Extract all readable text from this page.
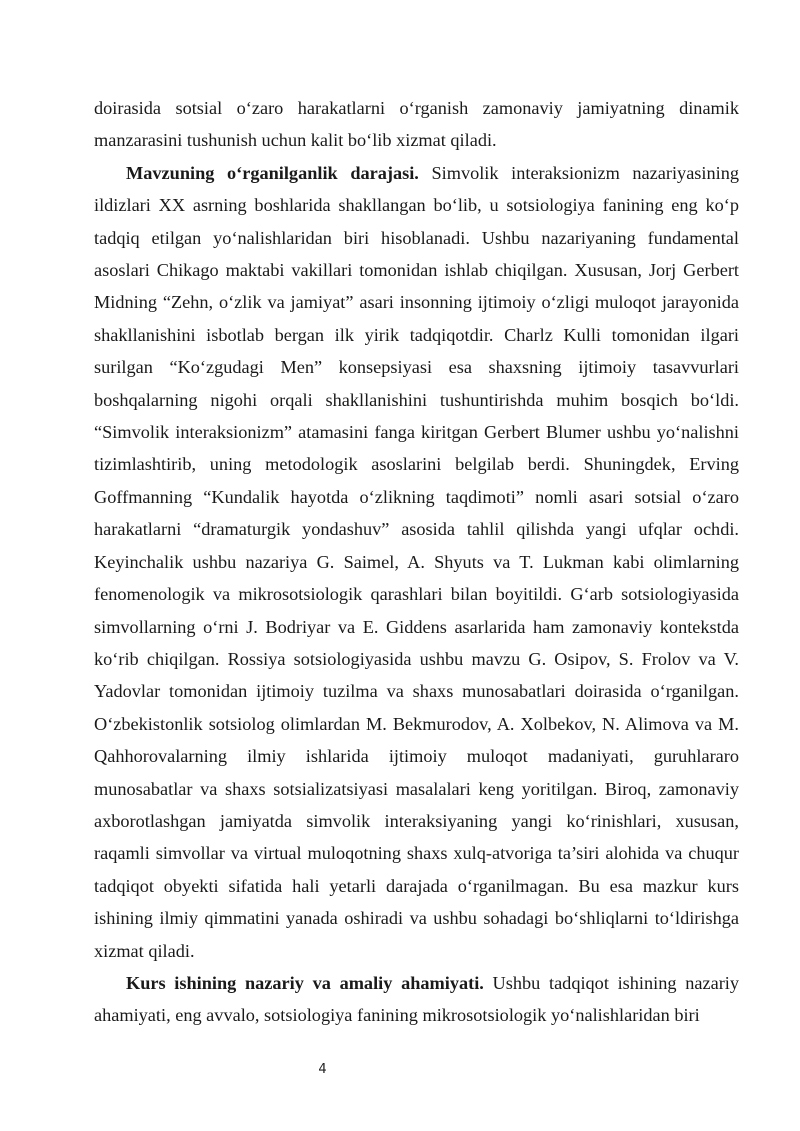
doirasida sotsial o‘zaro harakatlarni o‘rganish zamonaviy jamiyatning dinamik manzarasini tushunish uchun kalit bo‘lib xizmat qiladi.

Mavzuning o‘rganilganlik darajasi. Simvolik interaksionizm nazariyasining ildizlari XX asrning boshlarida shakllangan bo‘lib, u sotsiologiya fanining eng ko‘p tadqiq etilgan yo‘nalishlaridan biri hisoblanadi. Ushbu nazariyaning fundamental asoslari Chikago maktabi vakillari tomonidan ishlab chiqilgan. Xususan, Jorj Gerbert Midning “Zehn, o‘zlik va jamiyat” asari insonning ijtimoiy o‘zligi muloqot jarayonida shakllanishini isbotlab bergan ilk yirik tadqiqotdir. Charlz Kulli tomonidan ilgari surilgan “Ko‘zgudagi Men” konsepsiyasi esa shaxsning ijtimoiy tasavvurlari boshqalarning nigohi orqali shakllanishini tushuntirishda muhim bosqich bo‘ldi. “Simvolik interaksionizm” atamasini fanga kiritgan Gerbert Blumer ushbu yo‘nalishni tizimlashtirib, uning metodologik asoslarini belgilab berdi. Shuningdek, Erving Goffmanning “Kundalik hayotda o‘zlikning taqdimoti” nomli asari sotsial o‘zaro harakatlarni “dramaturgik yondashuv” asosida tahlil qilishda yangi ufqlar ochdi. Keyinchalik ushbu nazariya G. Saimel, A. Shyuts va T. Lukman kabi olimlarning fenomenologik va mikrosotsiologik qarashlari bilan boyitildi. G‘arb sotsiologiyasida simvollarning o‘rni J. Bodriyar va E. Giddens asarlarida ham zamonaviy kontekstda ko‘rib chiqilgan. Rossiya sotsiologiyasida ushbu mavzu G. Osipov, S. Frolov va V. Yadovlar tomonidan ijtimoiy tuzilma va shaxs munosabatlari doirasida o‘rganilgan. O‘zbekistonlik sotsiolog olimlardan M. Bekmurodov, A. Xolbekov, N. Alimova va M. Qahhorovalarning ilmiy ishlarida ijtimoiy muloqot madaniyati, guruhlararo munosabatlar va shaxs sotsializatsiyasi masalalari keng yoritilgan. Biroq, zamonaviy axborotlashgan jamiyatda simvolik interaksiyaning yangi ko‘rinishlari, xususan, raqamli simvollar va virtual muloqotning shaxs xulq-atvoriga ta’siri alohida va chuqur tadqiqot obyekti sifatida hali yetarli darajada o‘rganilmagan. Bu esa mazkur kurs ishining ilmiy qimmatini yanada oshiradi va ushbu sohadagi bo‘shliqlarni to‘ldirishga xizmat qiladi.

Kurs ishining nazariy va amaliy ahamiyati. Ushbu tadqiqot ishining nazariy ahamiyati, eng avvalo, sotsiologiya fanining mikrosotsiologik yo‘nalishlaridan biri

4
